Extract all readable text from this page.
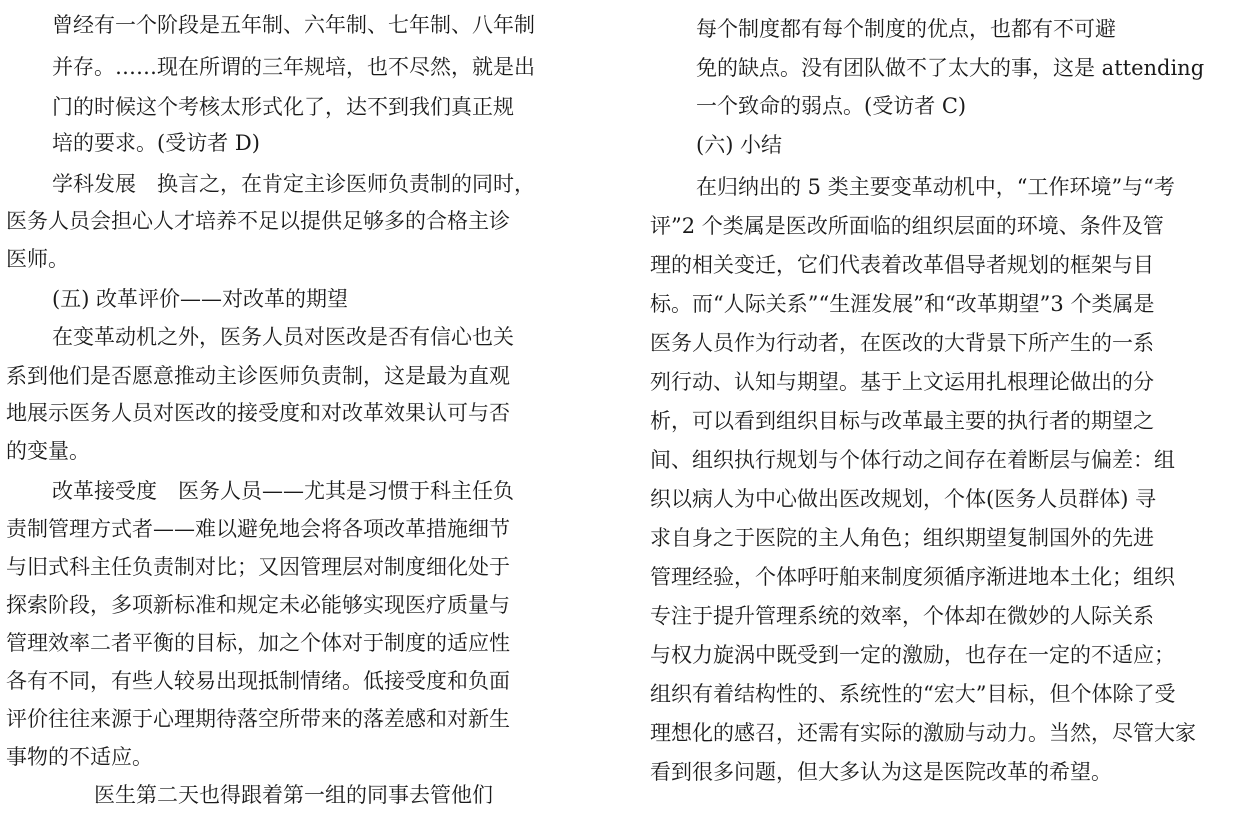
曾经有一个阶段是五年制、六年制、七年制、八年制
并存。……现在所谓的三年规培，也不尽然，就是出
门的时候这个考核太形式化了，达不到我们真正规
培的要求。(受访者 D)
学科发展　换言之，在肯定主诊医师负责制的同时，
医务人员会担心人才培养不足以提供足够多的合格主诊
医师。
(五) 改革评价——对改革的期望
在变革动机之外，医务人员对医改是否有信心也关
系到他们是否愿意推动主诊医师负责制，这是最为直观
地展示医务人员对医改的接受度和对改革效果认可与否
的变量。
改革接受度　医务人员——尤其是习惯于科主任负
责制管理方式者——难以避免地会将各项改革措施细节
与旧式科主任负责制对比；又因管理层对制度细化处于
探索阶段，多项新标准和规定未必能够实现医疗质量与
管理效率二者平衡的目标，加之个体对于制度的适应性
各有不同，有些人较易出现抵制情绪。低接受度和负面
评价往往来源于心理期待落空所带来的落差感和对新生
事物的不适应。
　　医生第二天也得跟着第一组的同事去管他们
每个制度都有每个制度的优点，也都有不可避
免的缺点。没有团队做不了太大的事，这是 attending
一个致命的弱点。(受访者 C)
(六) 小结
在归纳出的 5 类主要变革动机中，“工作环境”与“考
评”2 个类属是医改所面临的组织层面的环境、条件及管
理的相关变迁，它们代表着改革倡导者规划的框架与目
标。而“人际关系”“生涯发展”和“改革期望”3 个类属是
医务人员作为行动者，在医改的大背景下所产生的一系
列行动、认知与期望。基于上文运用扎根理论做出的分
析，可以看到组织目标与改革最主要的执行者的期望之
间、组织执行规划与个体行动之间存在着断层与偏差：组
织以病人为中心做出医改规划，个体(医务人员群体) 寻
求自身之于医院的主人角色；组织期望复制国外的先进
管理经验，个体呼吁舶来制度须循序渐进地本土化；组织
专注于提升管理系统的效率，个体却在微妙的人际关系
与权力旋涡中既受到一定的激励，也存在一定的不适应；
组织有着结构性的、系统性的“宏大”目标，但个体除了受
理想化的感召，还需有实际的激励与动力。当然，尽管大家
看到很多问题，但大多认为这是医院改革的希望。
